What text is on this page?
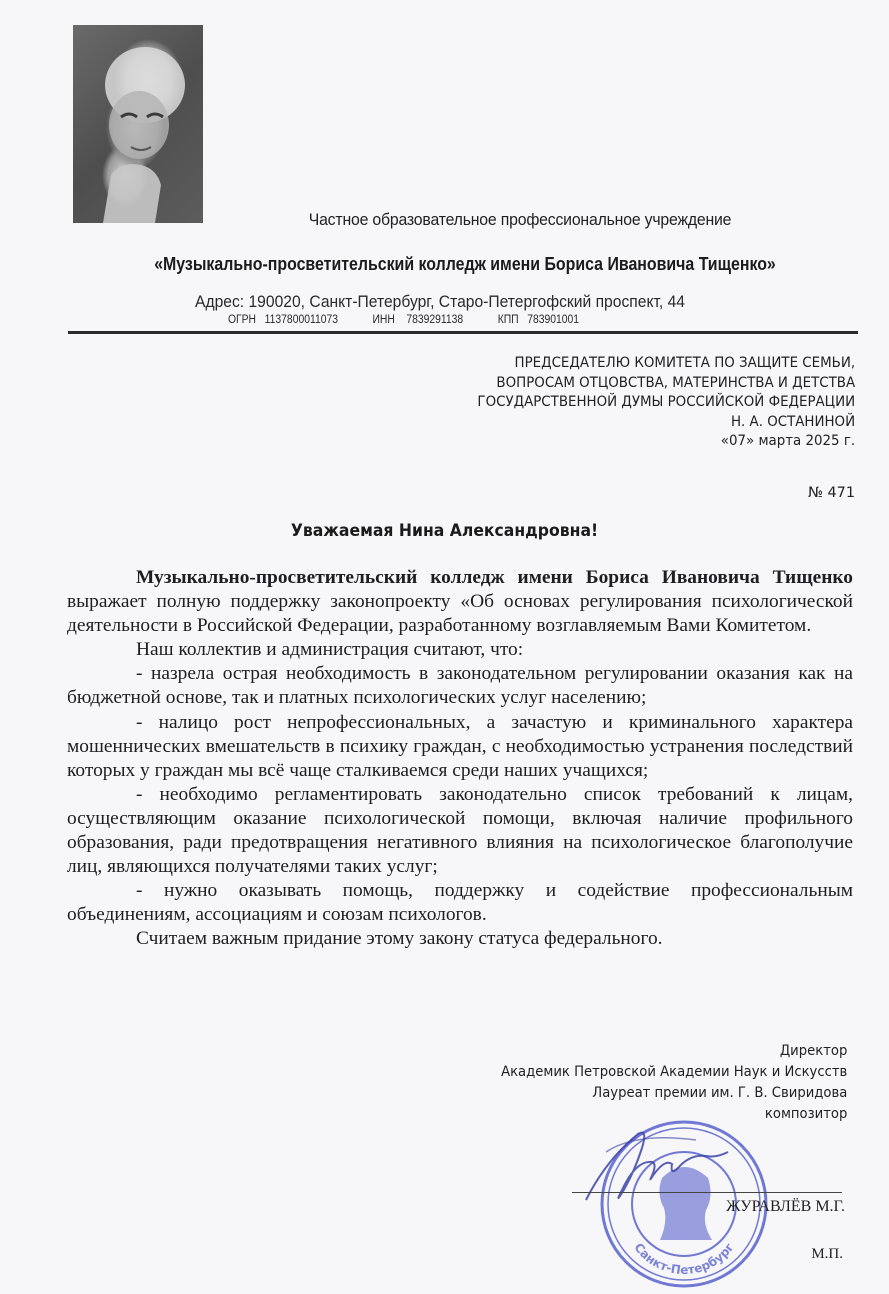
Частное образовательное профессиональное учреждение
«Музыкально-просветительский колледж имени Бориса Ивановича Тищенко»
Адрес: 190020, Санкт-Петербург, Старо-Петергофский проспект, 44
ОГРН
1137800011073
	ИНН
7839291138
	КПП
783901001
ПРЕДСЕДАТЕЛЮ КОМИТЕТА ПО ЗАЩИТЕ СЕМЬИ,
ВОПРОСАМ ОТЦОВСТВА, МАТЕРИНСТВА И ДЕТСТВА
ГОСУДАРСТВЕННОЙ ДУМЫ РОССИЙСКОЙ ФЕДЕРАЦИИ
Н. А. ОСТАНИНОЙ
«07» марта 2025 г.
№ 471
Уважаемая Нина Александровна!

Музыкально-просветительский колледж имени Бориса Ивановича Тищенко выражает полную поддержку законопроекту «Об основах регулирования психологической деятельности в Российской Федерации, разработанному возглавляемым Вами Комитетом.

Наш коллектив и администрация считают, что:

- назрела острая необходимость в законодательном регулировании оказания как на бюджетной основе, так и платных психологических услуг населению;

- налицо рост непрофессиональных, а зачастую и криминального характера мошеннических вмешательств в психику граждан, с необходимостью устранения последствий которых у граждан мы всё чаще сталкиваемся среди наших учащихся;

- необходимо регламентировать законодательно список требований к лицам, осуществляющим оказание психологической помощи, включая наличие профильного образования, ради предотвращения негативного влияния на психологическое благополучие лиц, являющихся получателями таких услуг;

- нужно оказывать помощь, поддержку и содействие профессиональным объединениям, ассоциациям и союзам психологов.

Считаем важным придание этому закону статуса федерального.

Директор
Академик Петровской Академии Наук и Искусств
Лауреат премии им. Г. В. Свиридова
композитор
Санкт-Петербург
ЖУРАВЛЁВ М.Г.
М.П.
